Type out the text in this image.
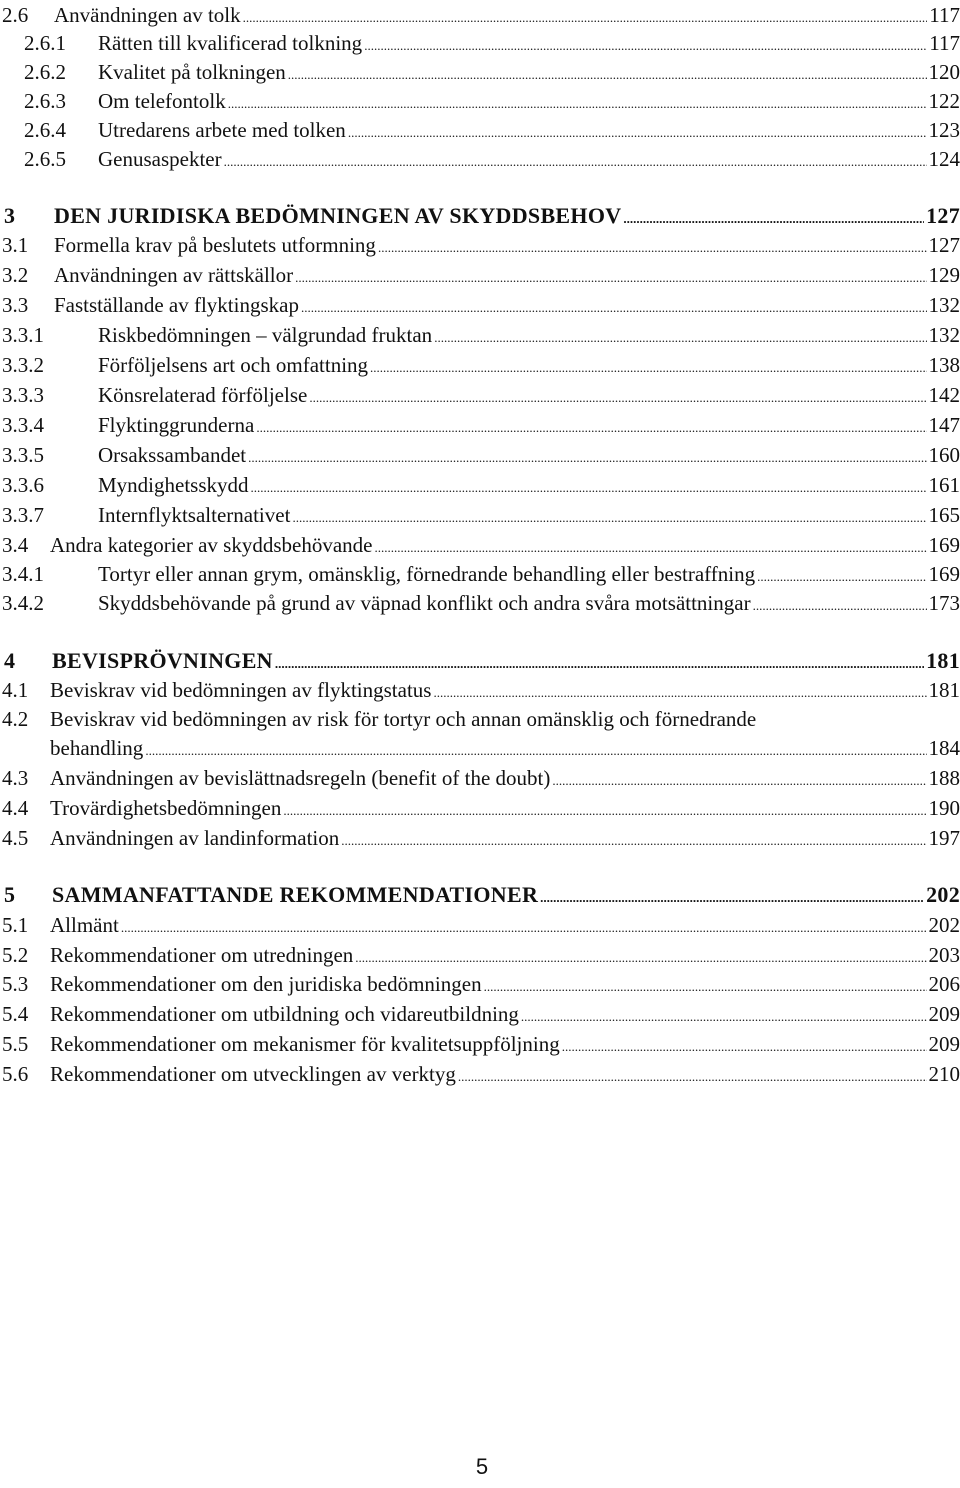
2.6	Användningen av tolk .....	117
2.6.1	Rätten till kvalificerad tolkning .....	117
2.6.2	Kvalitet på tolkningen .....	120
2.6.3	Om telefontolk .....	122
2.6.4	Utredarens arbete med tolken .....	123
2.6.5	Genusaspekter .....	124
3	DEN JURIDISKA BEDÖMNINGEN AV SKYDDSBEHOV .....	127
3.1	Formella krav på beslutets utformning .....	127
3.2	Användningen av rättskällor .....	129
3.3	Fastställande av flyktingskap .....	132
3.3.1	Riskbedömningen – välgrundad fruktan .....	132
3.3.2	Förföljelsens art och omfattning .....	138
3.3.3	Könsrelaterad förföljelse .....	142
3.3.4	Flyktinggrunderna .....	147
3.3.5	Orsakssambandet .....	160
3.3.6	Myndighetsskydd .....	161
3.3.7	Internflyktsalternativet .....	165
3.4	Andra kategorier av skyddsbehövande .....	169
3.4.1	Tortyr eller annan grym, omänsklig, förnedrande behandling eller bestraffning .....	169
3.4.2	Skyddsbehövande på grund av väpnad konflikt och andra svåra motsättningar .....	173
4	BEVISPRÖVNINGEN .....	181
4.1	Beviskrav vid bedömningen av flyktingstatus .....	181
4.2 Beviskrav vid bedömningen av risk för tortyr och annan omänsklig och förnedrande
behandling .....	184
4.3	Användningen av bevislättnadsregeln (benefit of the doubt) .....	188
4.4	Trovärdighetsbedömningen .....	190
4.5	Användningen av landinformation .....	197
5	SAMMANFATTANDE REKOMMENDATIONER .....	202
5.1	Allmänt .....	202
5.2	Rekommendationer om utredningen .....	203
5.3	Rekommendationer om den juridiska bedömningen .....	206
5.4	Rekommendationer om utbildning och vidareutbildning .....	209
5.5	Rekommendationer om mekanismer för kvalitetsuppföljning .....	209
5.6	Rekommendationer om utvecklingen av verktyg .....	210
5
